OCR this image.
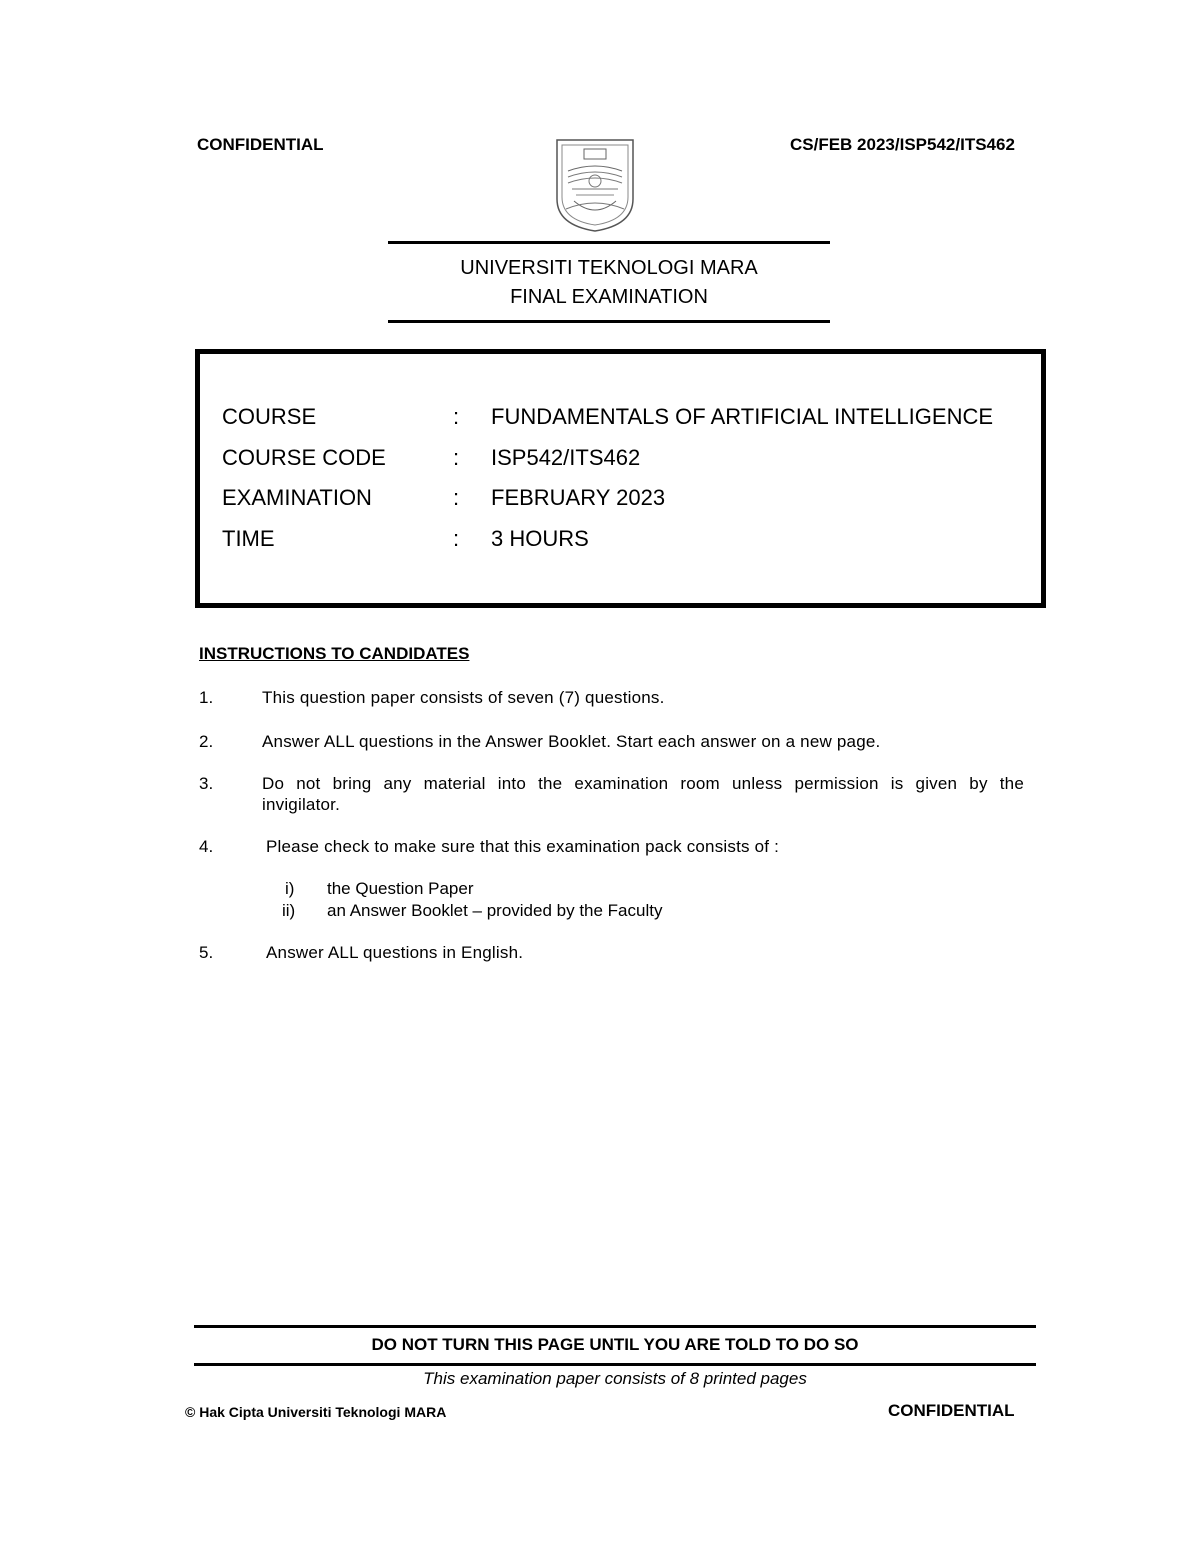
CONFIDENTIAL	CS/FEB 2023/ISP542/ITS462
UNIVERSITI TEKNOLOGI MARA
FINAL EXAMINATION
COURSE	: FUNDAMENTALS OF ARTIFICIAL INTELLIGENCE
COURSE CODE	: ISP542/ITS462
EXAMINATION	: FEBRUARY 2023
TIME	: 3 HOURS
INSTRUCTIONS TO CANDIDATES
1.	This question paper consists of seven (7) questions.
2.	Answer ALL questions in the Answer Booklet. Start each answer on a new page.
3.	Do not bring any material into the examination room unless permission is given by the
invigilator.
4.	Please check to make sure that this examination pack consists of :
i) the Question Paper
ii) an Answer Booklet – provided by the Faculty
5.	Answer ALL questions in English.
DO NOT TURN THIS PAGE UNTIL YOU ARE TOLD TO DO SO
This examination paper consists of 8 printed pages
© Hak Cipta Universiti Teknologi MARA	CONFIDENTIAL
